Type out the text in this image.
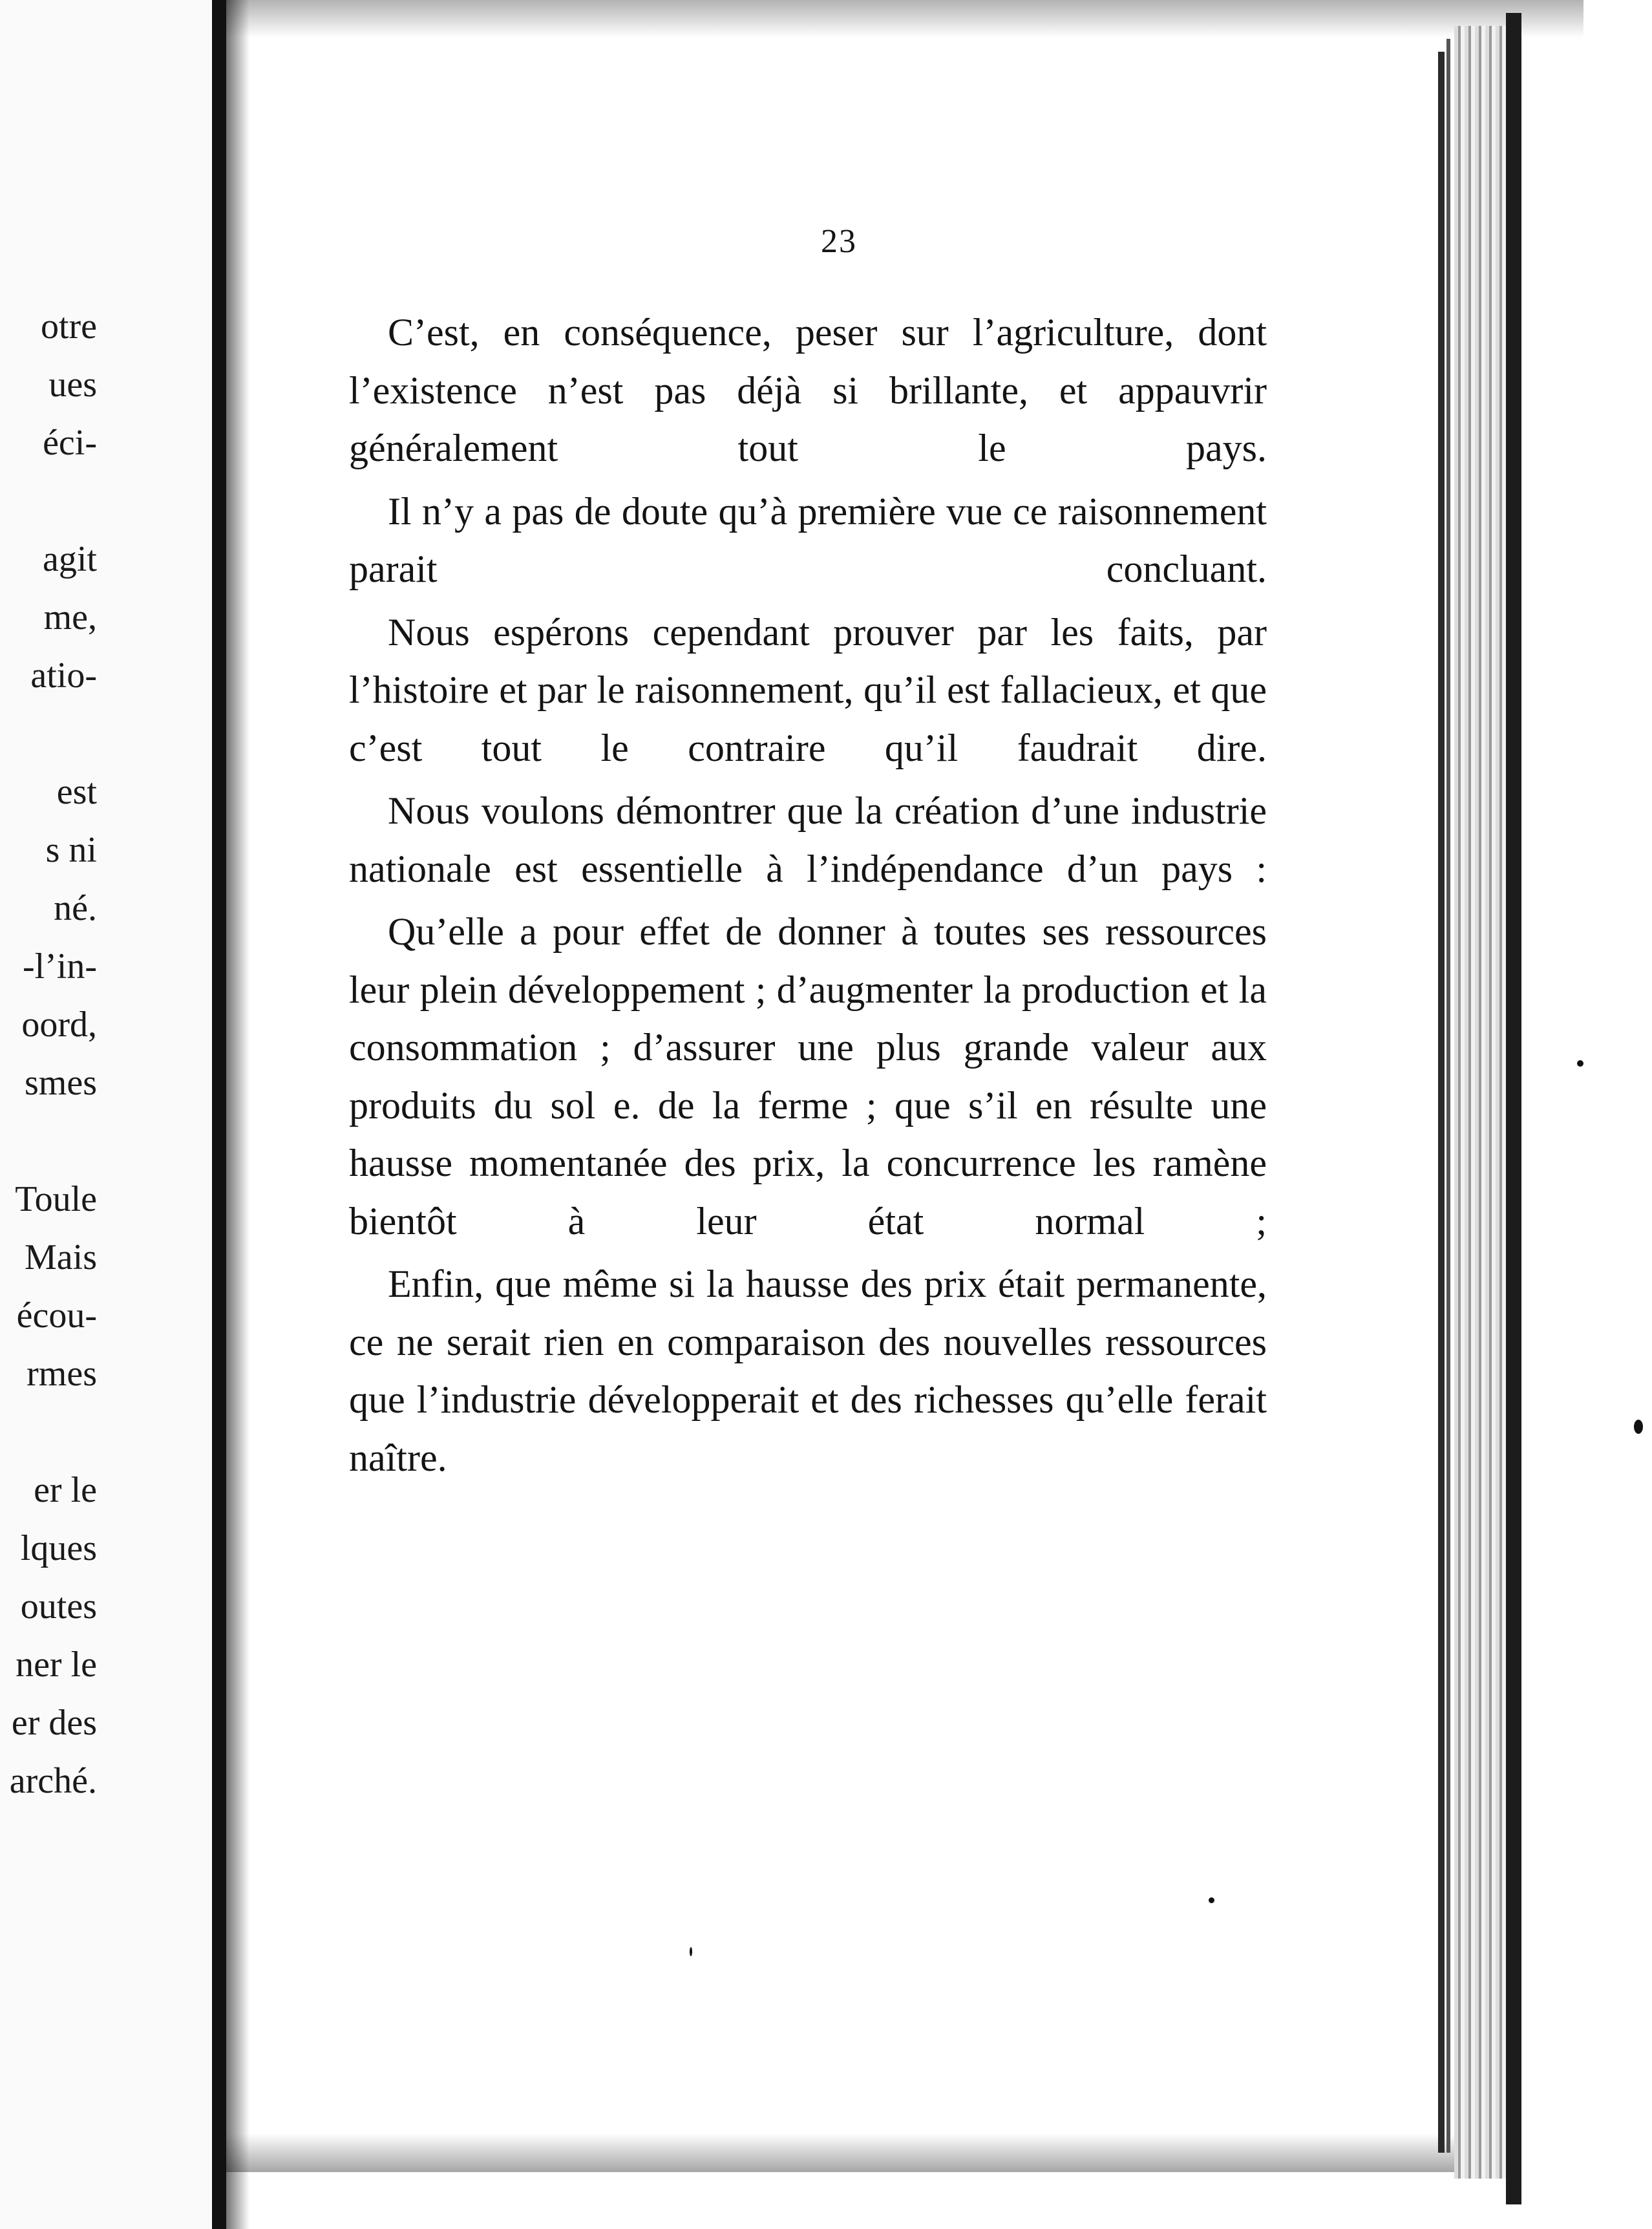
otre
ues
éci-
agit
me,
atio-
est
s ni
né.
-l’in-
oord,
smes
Toule
Mais
écou-
rmes
er le
lques
outes
ner le
er des
arché.
23

C’est, en conséquence, peser sur l’agriculture, dont l’existence n’est pas déjà si brillante, et appauvrir généralement tout le pays.

Il n’y a pas de doute qu’à première vue ce raisonnement parait concluant.

Nous espérons cependant prouver par les faits, par l’histoire et par le raisonnement, qu’il est fallacieux, et que c’est tout le contraire qu’il faudrait dire.

Nous voulons démontrer que la création d’une industrie nationale est essentielle à l’indépendance d’un pays :

Qu’elle a pour effet de donner à toutes ses ressources leur plein développement ; d’augmenter la production et la consommation ; d’assurer une plus grande valeur aux produits du sol e. de la ferme ; que s’il en résulte une hausse momentanée des prix, la concurrence les ramène bientôt à leur état normal ;

Enfin, que même si la hausse des prix était permanente, ce ne serait rien en comparaison des nouvelles ressources que l’industrie développerait et des richesses qu’elle ferait naître.
